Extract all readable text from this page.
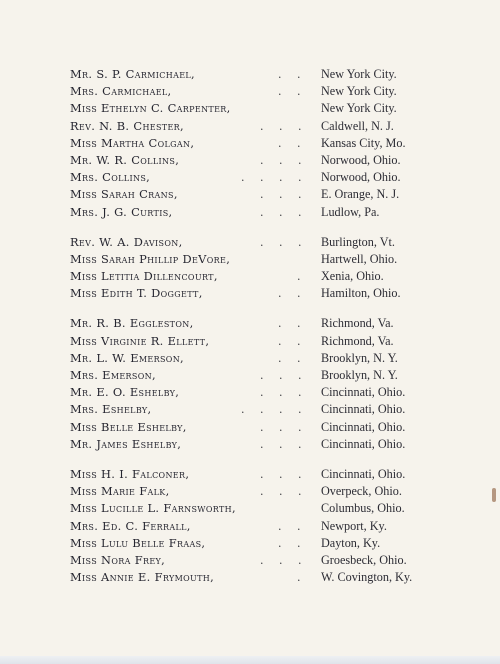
Mr. S. P. Carmichael,	. . New York City.
Mrs. Carmichael,	. . New York City.
Miss Ethelyn C. Carpenter,	New York City.
Rev. N. B. Chester,	. . . Caldwell, N. J.
Miss Martha Colgan,	. . Kansas City, Mo.
Mr. W. R. Collins,	. . . Norwood, Ohio.
Mrs. Collins,	. . . . Norwood, Ohio.
Miss Sarah Crans,	. . . E. Orange, N. J.
Mrs. J. G. Curtis,	. . . Ludlow, Pa.
Rev. W. A. Davison,	. . . Burlington, Vt.
Miss Sarah Phillip DeVore,	Hartwell, Ohio.
Miss Letitia Dillencourt,	. Xenia, Ohio.
Miss Edith T. Doggett,	. . Hamilton, Ohio.
Mr. R. B. Eggleston,	. . Richmond, Va.
Miss Virginie R. Ellett,	. . Richmond, Va.
Mr. L. W. Emerson,	. . Brooklyn, N. Y.
Mrs. Emerson,	. . . Brooklyn, N. Y.
Mr. E. O. Eshelby,	. . . Cincinnati, Ohio.
Mrs. Eshelby,	. . . . Cincinnati, Ohio.
Miss Belle Eshelby,	. . . Cincinnati, Ohio.
Mr. James Eshelby,	. . . Cincinnati, Ohio.
Miss H. I. Falconer,	. . . Cincinnati, Ohio.
Miss Marie Falk,	. . . Overpeck, Ohio.
Miss Lucille L. Farnsworth,	Columbus, Ohio.
Mrs. Ed. C. Ferrall,	. . Newport, Ky.
Miss Lulu Belle Fraas,	. . Dayton, Ky.
Miss Nora Frey,	. . . Groesbeck, Ohio.
Miss Annie E. Frymouth,	. W. Covington, Ky.
